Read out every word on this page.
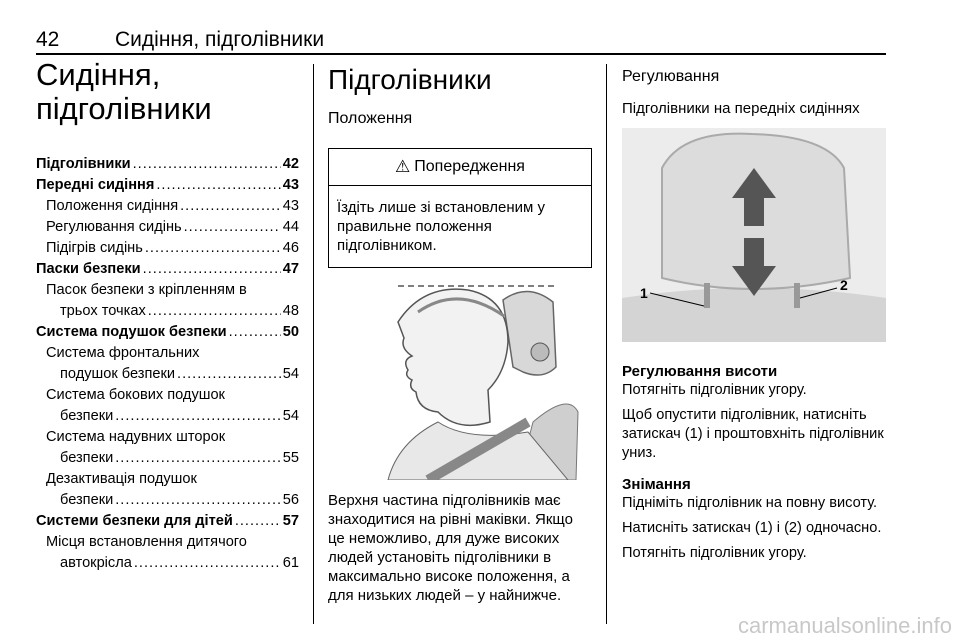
42	Сидіння, підголівники
Сидіння,
підголівники
Підголівники .....	42
Передні сидіння .....	43
Положення сидіння .....	43
Регулювання сидінь .....	44
Підігрів сидінь .....	46
Паски безпеки .....	47
Пасок безпеки з кріпленням в
трьох точках .....	48
Система подушок безпеки .....	50
Система фронтальних
подушок безпеки .....	54
Система бокових подушок
безпеки .....	54
Система надувних шторок
безпеки .....	55
Дезактивація подушок
безпеки .....	56
Системи безпеки для дітей .....	57
Місця встановлення дитячого
автокрісла .....	61
Підголівники
Положення
⚠ Попередження
Їздіть лише зі встановленим у правильне положення підголівником.

Верхня частина підголівників має знаходитися на рівні маківки. Якщо це неможливо, для дуже високих людей установіть підголівники в максимально високе положення, а для низьких людей – у найнижче.

Регулювання
Підголівники на передніх сидіннях
1	2

Регулювання висоти

Потягніть підголівник угору.

Щоб опустити підголівник, натисніть затискач (1) і проштовхніть підголівник униз.

Знімання

Підніміть підголівник на повну висоту.

Натисніть затискач (1) і (2) одночасно.

Потягніть підголівник угору.

carmanualsonline.info
